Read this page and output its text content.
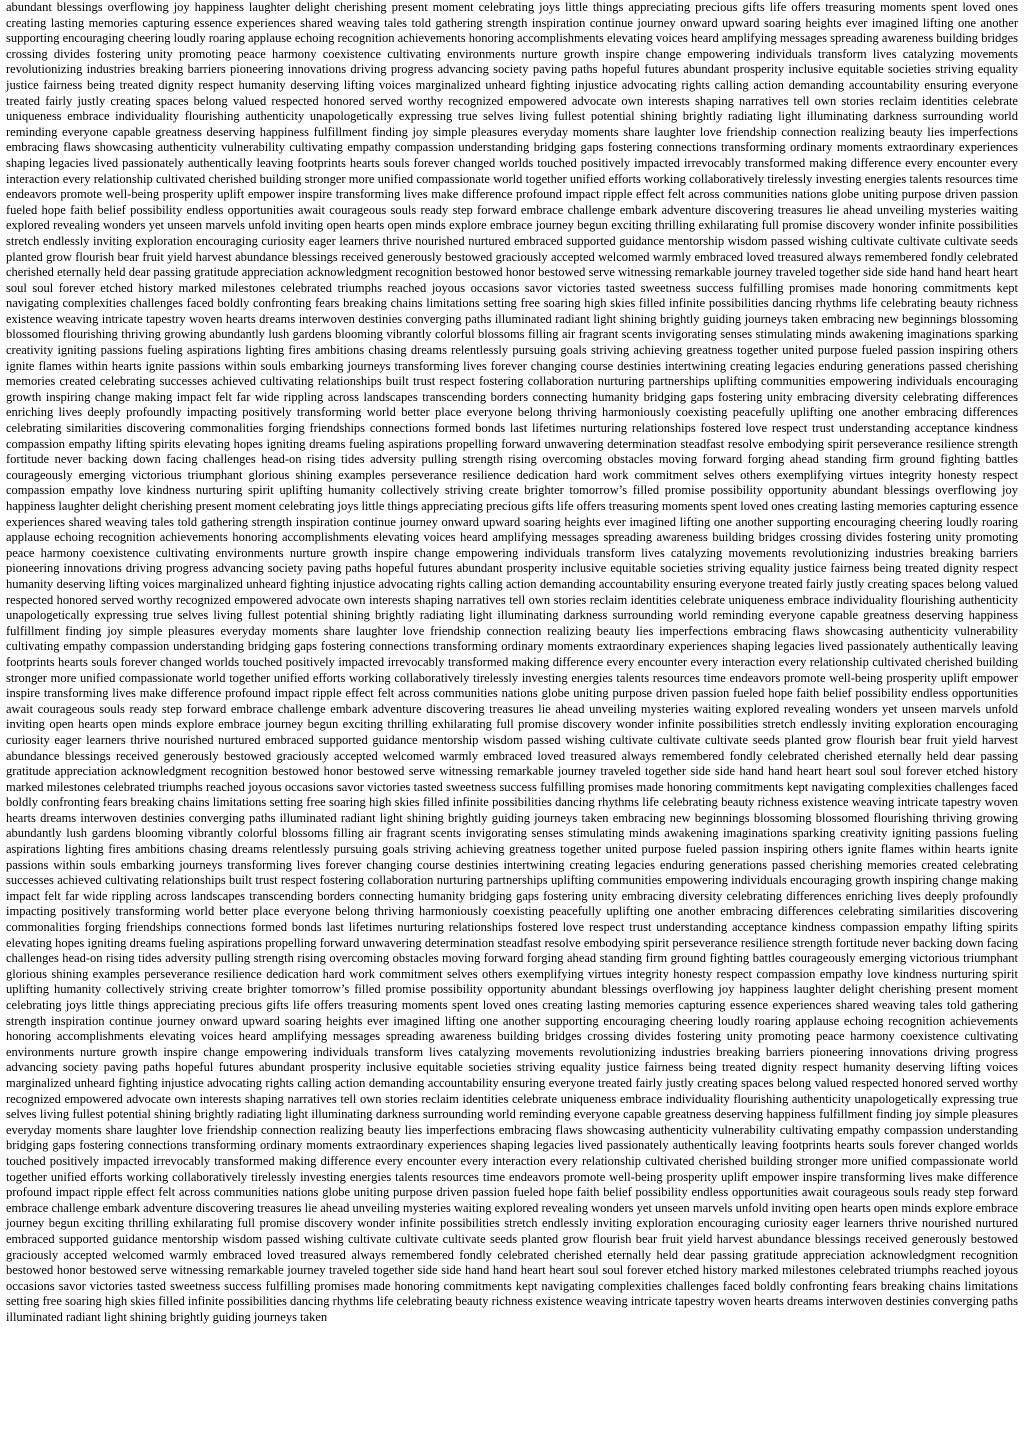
abundant blessings overflowing joy happiness laughter delight cherishing present moment celebrating joys little things appreciating precious gifts life offers treasuring moments spent loved ones creating lasting memories capturing essence experiences shared weaving tales told gathering strength inspiration continue journey onward upward soaring heights ever imagined lifting one another supporting encouraging cheering loudly roaring applause echoing recognition achievements honoring accomplishments elevating voices heard amplifying messages spreading awareness building bridges crossing divides fostering unity promoting peace harmony coexistence cultivating environments nurture growth inspire change empowering individuals transform lives catalyzing movements revolutionizing industries breaking barriers pioneering innovations driving progress advancing society paving paths hopeful futures abundant prosperity inclusive equitable societies striving equality justice fairness being treated dignity respect humanity deserving lifting voices marginalized unheard fighting injustice advocating rights calling action demanding accountability ensuring everyone treated fairly justly creating spaces belong valued respected honored served worthy recognized empowered advocate own interests shaping narratives tell own stories reclaim identities celebrate uniqueness embrace individuality flourishing authenticity unapologetically expressing true selves living fullest potential shining brightly radiating light illuminating darkness surrounding world reminding everyone capable greatness deserving happiness fulfillment finding joy simple pleasures everyday moments share laughter love friendship connection realizing beauty lies imperfections embracing flaws showcasing authenticity vulnerability cultivating empathy compassion understanding bridging gaps fostering connections transforming ordinary moments extraordinary experiences shaping legacies lived passionately authentically leaving footprints hearts souls forever changed worlds touched positively impacted irrevocably transformed making difference every encounter every interaction every relationship cultivated cherished building stronger more unified compassionate world together unified efforts working collaboratively tirelessly investing energies talents resources time endeavors promote well-being prosperity uplift empower inspire transforming lives make difference profound impact ripple effect felt across communities nations globe uniting purpose driven passion fueled hope faith belief possibility endless opportunities await courageous souls ready step forward embrace challenge embark adventure discovering treasures lie ahead unveiling mysteries waiting explored revealing wonders yet unseen marvels unfold inviting open hearts open minds explore embrace journey begun exciting thrilling exhilarating full promise discovery wonder infinite possibilities stretch endlessly inviting exploration encouraging curiosity eager learners thrive nourished nurtured embraced supported guidance mentorship wisdom passed wishing cultivate cultivate cultivate seeds planted grow flourish bear fruit yield harvest abundance blessings received generously bestowed graciously accepted welcomed warmly embraced loved treasured always remembered fondly celebrated cherished eternally held dear passing gratitude appreciation acknowledgment recognition bestowed honor bestowed serve witnessing remarkable journey traveled together side side hand hand heart heart soul soul forever etched history marked milestones celebrated triumphs reached joyous occasions savor victories tasted sweetness success fulfilling promises made honoring commitments kept navigating complexities challenges faced boldly confronting fears breaking chains limitations setting free soaring high skies filled infinite possibilities dancing rhythms life celebrating beauty richness existence weaving intricate tapestry woven hearts dreams interwoven destinies converging paths illuminated radiant light shining brightly guiding journeys taken embracing new beginnings blossoming blossomed flourishing thriving growing abundantly lush gardens blooming vibrantly colorful blossoms filling air fragrant scents invigorating senses stimulating minds awakening imaginations sparking creativity igniting passions fueling aspirations lighting fires ambitions chasing dreams relentlessly pursuing goals striving achieving greatness together united purpose fueled passion inspiring others ignite flames within hearts ignite passions within souls embarking journeys transforming lives forever changing course destinies intertwining creating legacies enduring generations passed cherishing memories created celebrating successes achieved cultivating relationships built trust respect fostering collaboration nurturing partnerships uplifting communities empowering individuals encouraging growth inspiring change making impact felt far wide rippling across landscapes transcending borders connecting humanity bridging gaps fostering unity embracing diversity celebrating differences enriching lives deeply profoundly impacting positively transforming world better place everyone belong thriving harmoniously coexisting peacefully uplifting one another embracing differences celebrating similarities discovering commonalities forging friendships connections formed bonds last lifetimes nurturing relationships fostered love respect trust understanding acceptance kindness compassion empathy lifting spirits elevating hopes igniting dreams fueling aspirations propelling forward unwavering determination steadfast resolve embodying spirit perseverance resilience strength fortitude never backing down facing challenges head-on rising tides adversity pulling strength rising overcoming obstacles moving forward forging ahead standing firm ground fighting battles courageously emerging victorious triumphant glorious shining examples perseverance resilience dedication hard work commitment selves others exemplifying virtues integrity honesty respect compassion empathy love kindness nurturing spirit uplifting humanity collectively striving create brighter tomorrow’s filled promise possibility opportunity abundant blessings overflowing joy happiness laughter delight cherishing present moment celebrating joys little things appreciating precious gifts life offers treasuring moments spent loved ones creating lasting memories capturing essence experiences shared weaving tales told gathering strength inspiration continue journey onward upward soaring heights ever imagined lifting one another supporting encouraging cheering loudly roaring applause echoing recognition achievements honoring accomplishments elevating voices heard amplifying messages spreading awareness building bridges crossing divides fostering unity promoting peace harmony coexistence cultivating environments nurture growth inspire change empowering individuals transform lives catalyzing movements revolutionizing industries breaking barriers pioneering innovations driving progress advancing society paving paths hopeful futures abundant prosperity inclusive equitable societies striving equality justice fairness being treated dignity respect humanity deserving lifting voices marginalized unheard fighting injustice advocating rights calling action demanding accountability ensuring everyone treated fairly justly creating spaces belong valued respected honored served worthy recognized empowered advocate own interests shaping narratives tell own stories reclaim identities celebrate uniqueness embrace individuality flourishing authenticity unapologetically expressing true selves living fullest potential shining brightly radiating light illuminating darkness surrounding world reminding everyone capable greatness deserving happiness fulfillment finding joy simple pleasures everyday moments share laughter love friendship connection realizing beauty lies imperfections embracing flaws showcasing authenticity vulnerability cultivating empathy compassion understanding bridging gaps fostering connections transforming ordinary moments extraordinary experiences shaping legacies lived passionately authentically leaving footprints hearts souls forever changed worlds touched positively impacted irrevocably transformed making difference every encounter every interaction every relationship cultivated cherished building stronger more unified compassionate world together unified efforts working collaboratively tirelessly investing energies talents resources time endeavors promote well-being prosperity uplift empower inspire transforming lives make difference profound impact ripple effect felt across communities nations globe uniting purpose driven passion fueled hope faith belief possibility endless opportunities await courageous souls ready step forward embrace challenge embark adventure discovering treasures lie ahead unveiling mysteries waiting explored revealing wonders yet unseen marvels unfold inviting open hearts open minds explore embrace journey begun exciting thrilling exhilarating full promise discovery wonder infinite possibilities stretch endlessly inviting exploration encouraging curiosity eager learners thrive nourished nurtured embraced supported guidance mentorship wisdom passed wishing cultivate cultivate cultivate seeds planted grow flourish bear fruit yield harvest abundance blessings received generously bestowed graciously accepted welcomed warmly embraced loved treasured always remembered fondly celebrated cherished eternally held dear passing gratitude appreciation acknowledgment recognition bestowed honor bestowed serve witnessing remarkable journey traveled together side side hand hand heart heart soul soul forever etched history marked milestones celebrated triumphs reached joyous occasions savor victories tasted sweetness success fulfilling promises made honoring commitments kept navigating complexities challenges faced boldly confronting fears breaking chains limitations setting free soaring high skies filled infinite possibilities dancing rhythms life celebrating beauty richness existence weaving intricate tapestry woven hearts dreams interwoven destinies converging paths illuminated radiant light shining brightly guiding journeys taken embracing new beginnings blossoming blossomed flourishing thriving growing abundantly lush gardens blooming vibrantly colorful blossoms filling air fragrant scents invigorating senses stimulating minds awakening imaginations sparking creativity igniting passions fueling aspirations lighting fires ambitions chasing dreams relentlessly pursuing goals striving achieving greatness together united purpose fueled passion inspiring others ignite flames within hearts ignite passions within souls embarking journeys transforming lives forever changing course destinies intertwining creating legacies enduring generations passed cherishing memories created celebrating successes achieved cultivating relationships built trust respect fostering collaboration nurturing partnerships uplifting communities empowering individuals encouraging growth inspiring change making impact felt far wide rippling across landscapes transcending borders connecting humanity bridging gaps fostering unity embracing diversity celebrating differences enriching lives deeply profoundly impacting positively transforming world better place everyone belong thriving harmoniously coexisting peacefully uplifting one another embracing differences celebrating similarities discovering commonalities forging friendships connections formed bonds last lifetimes nurturing relationships fostered love respect trust understanding acceptance kindness compassion empathy lifting spirits elevating hopes igniting dreams fueling aspirations propelling forward unwavering determination steadfast resolve embodying spirit perseverance resilience strength fortitude never backing down facing challenges head-on rising tides adversity pulling strength rising overcoming obstacles moving forward forging ahead standing firm ground fighting battles courageously emerging victorious triumphant glorious shining examples perseverance resilience dedication hard work commitment selves others exemplifying virtues integrity honesty respect compassion empathy love kindness nurturing spirit uplifting humanity collectively striving create brighter tomorrow’s filled promise possibility opportunity abundant blessings overflowing joy happiness laughter delight cherishing present moment celebrating joys little things appreciating precious gifts life offers treasuring moments spent loved ones creating lasting memories capturing essence experiences shared weaving tales told gathering strength inspiration continue journey onward upward soaring heights ever imagined lifting one another supporting encouraging cheering loudly roaring applause echoing recognition achievements honoring accomplishments elevating voices heard amplifying messages spreading awareness building bridges crossing divides fostering unity promoting peace harmony coexistence cultivating environments nurture growth inspire change empowering individuals transform lives catalyzing movements revolutionizing industries breaking barriers pioneering innovations driving progress advancing society paving paths hopeful futures abundant prosperity inclusive equitable societies striving equality justice fairness being treated dignity respect humanity deserving lifting voices marginalized unheard fighting injustice advocating rights calling action demanding accountability ensuring everyone treated fairly justly creating spaces belong valued respected honored served worthy recognized empowered advocate own interests shaping narratives tell own stories reclaim identities celebrate uniqueness embrace individuality flourishing authenticity unapologetically expressing true selves living fullest potential shining brightly radiating light illuminating darkness surrounding world reminding everyone capable greatness deserving happiness fulfillment finding joy simple pleasures everyday moments share laughter love friendship connection realizing beauty lies imperfections embracing flaws showcasing authenticity vulnerability cultivating empathy compassion understanding bridging gaps fostering connections transforming ordinary moments extraordinary experiences shaping legacies lived passionately authentically leaving footprints hearts souls forever changed worlds touched positively impacted irrevocably transformed making difference every encounter every interaction every relationship cultivated cherished building stronger more unified compassionate world together unified efforts working collaboratively tirelessly investing energies talents resources time endeavors promote well-being prosperity uplift empower inspire transforming lives make difference profound impact ripple effect felt across communities nations globe uniting purpose driven passion fueled hope faith belief possibility endless opportunities await courageous souls ready step forward embrace challenge embark adventure discovering treasures lie ahead unveiling mysteries waiting explored revealing wonders yet unseen marvels unfold inviting open hearts open minds explore embrace journey begun exciting thrilling exhilarating full promise discovery wonder infinite possibilities stretch endlessly inviting exploration encouraging curiosity eager learners thrive nourished nurtured embraced supported guidance mentorship wisdom passed wishing cultivate cultivate cultivate seeds planted grow flourish bear fruit yield harvest abundance blessings received generously bestowed graciously accepted welcomed warmly embraced loved treasured always remembered fondly celebrated cherished eternally held dear passing gratitude appreciation acknowledgment recognition bestowed honor bestowed serve witnessing remarkable journey traveled together side side hand hand heart heart soul soul forever etched history marked milestones celebrated triumphs reached joyous occasions savor victories tasted sweetness success fulfilling promises made honoring commitments kept navigating complexities challenges faced boldly confronting fears breaking chains limitations setting free soaring high skies filled infinite possibilities dancing rhythms life celebrating beauty richness existence weaving intricate tapestry woven hearts dreams interwoven destinies converging paths illuminated radiant light shining brightly guiding journeys taken
